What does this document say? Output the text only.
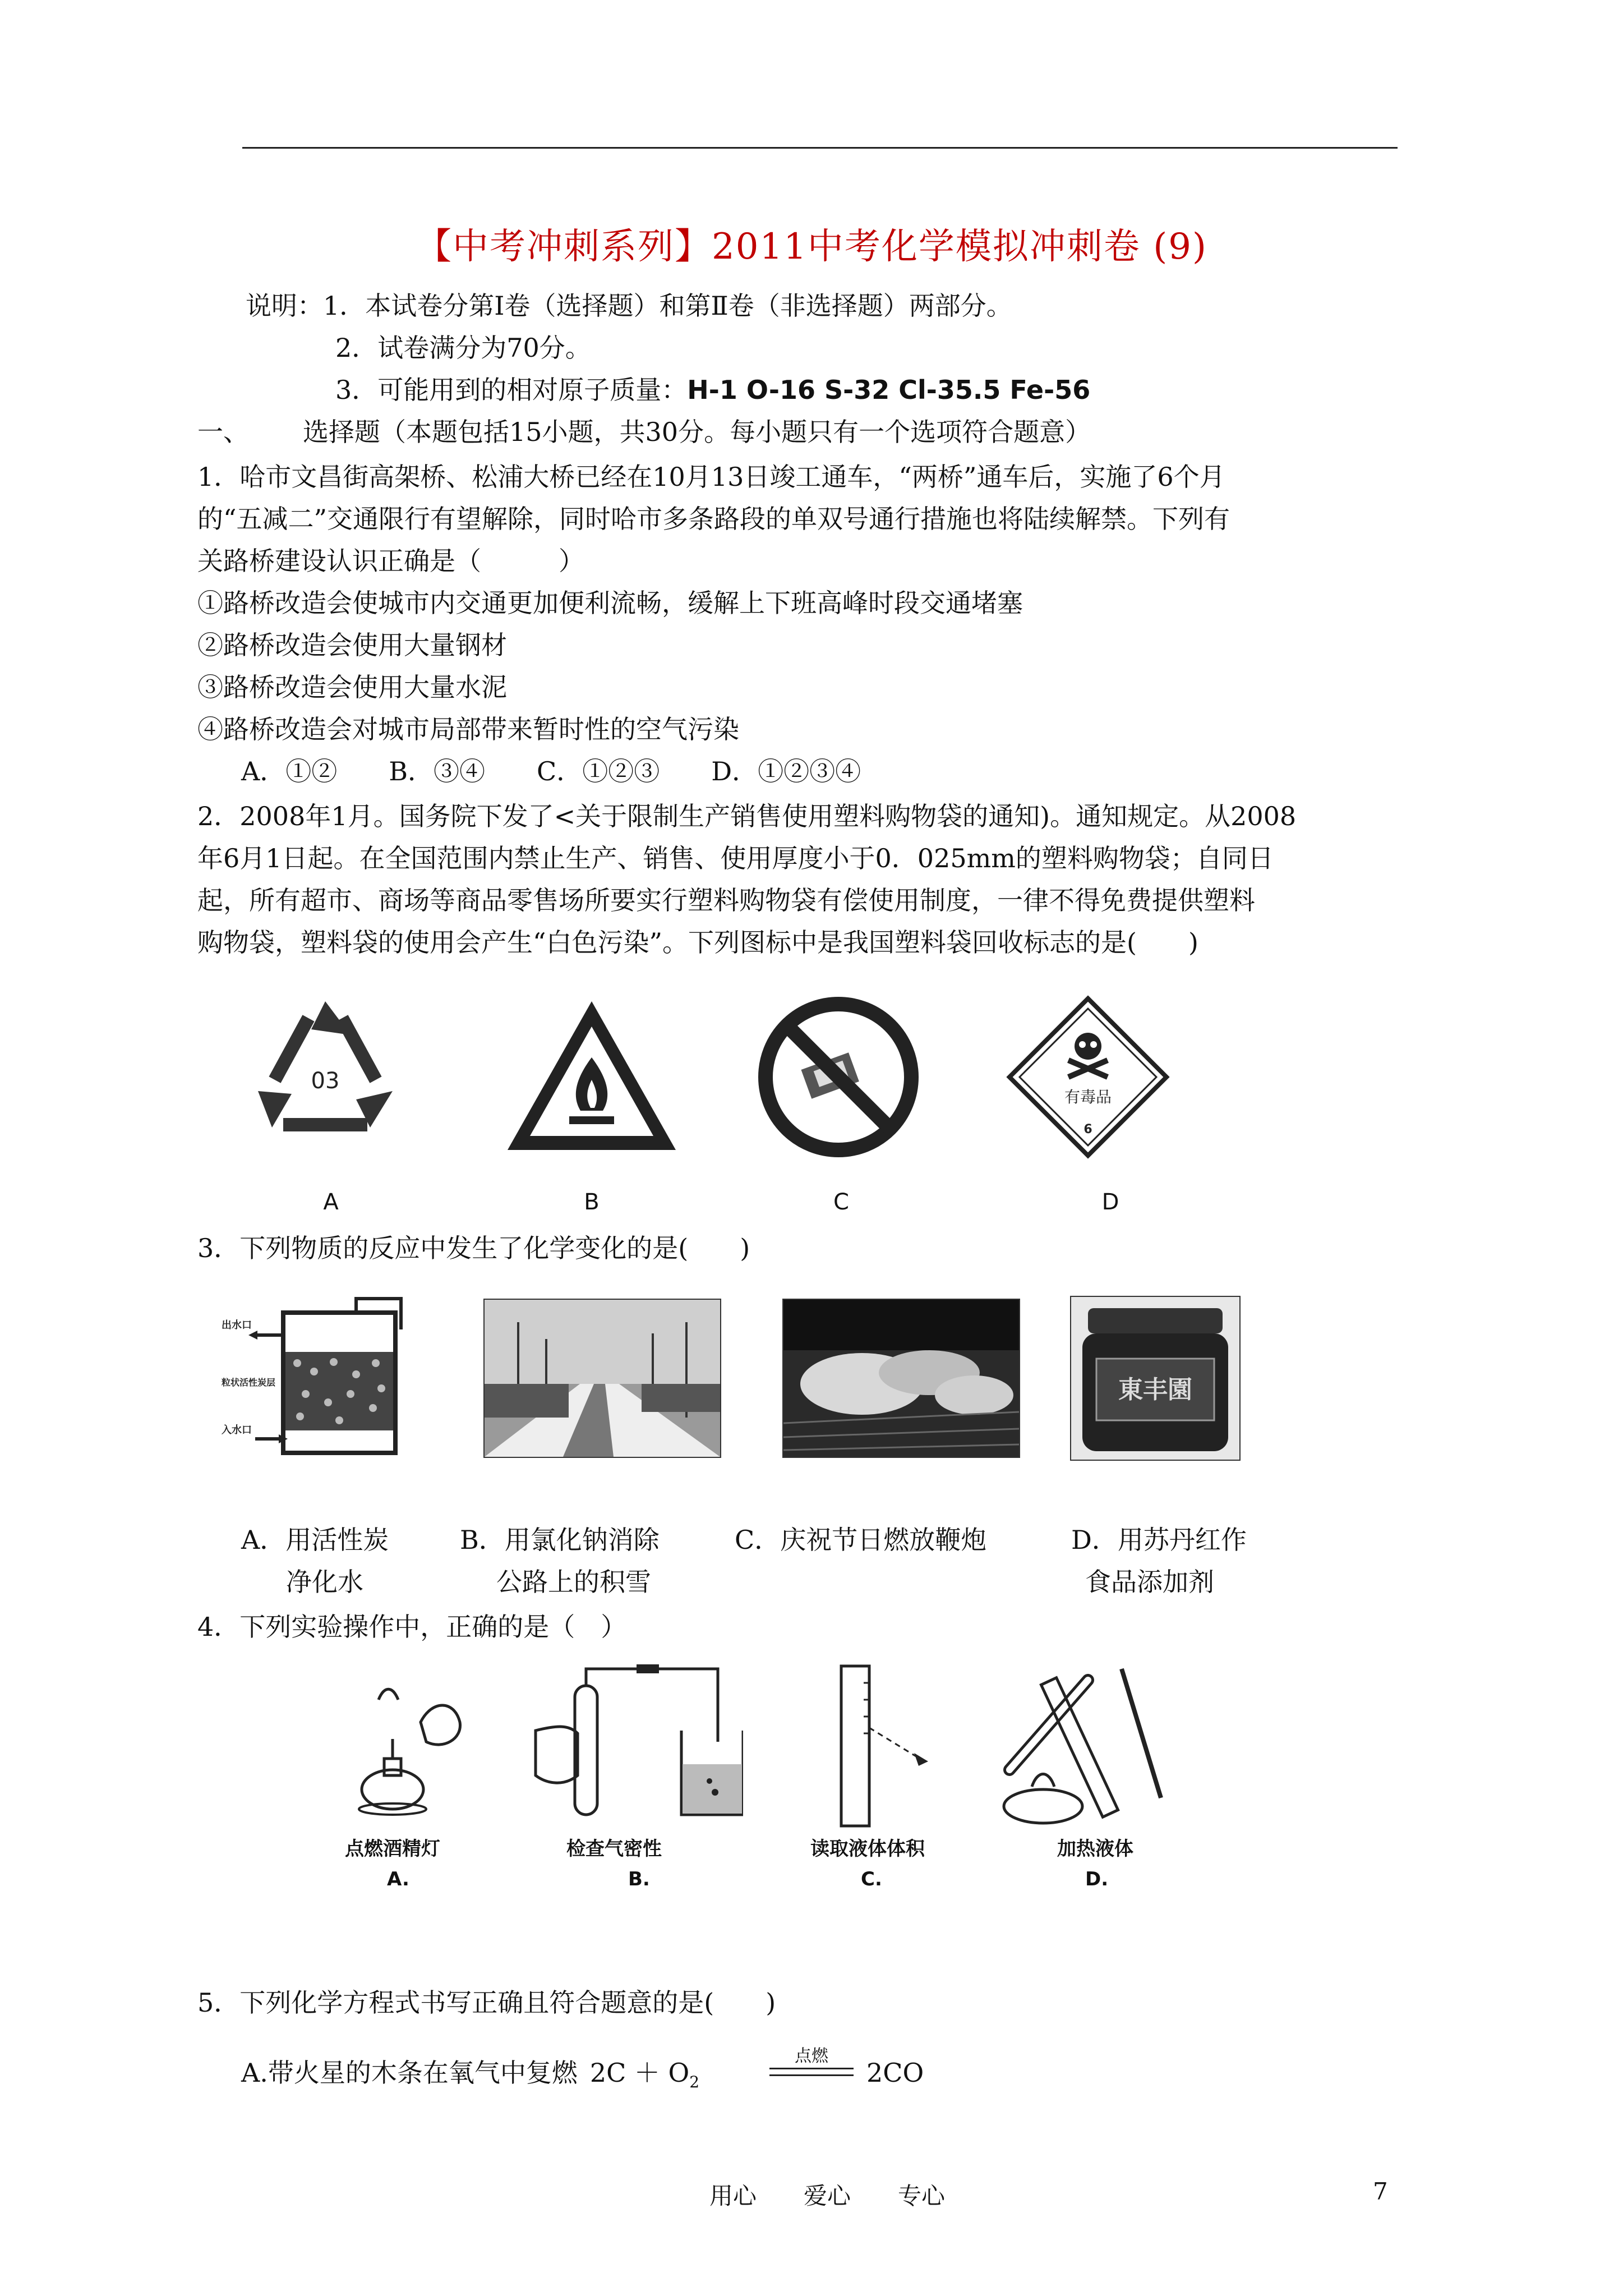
【中考冲刺系列】2011中考化学模拟冲刺卷 (9)
说明：1．本试卷分第Ⅰ卷（选择题）和第Ⅱ卷（非选择题）两部分。
2．试卷满分为70分。
3．可能用到的相对原子质量：H-1 O-16 S-32 Cl-35.5 Fe-56
一、 选择题（本题包括15小题，共30分。每小题只有一个选项符合题意）
1．哈市文昌街高架桥、松浦大桥已经在10月13日竣工通车，“两桥”通车后，实施了6个月
的“五减二”交通限行有望解除，同时哈市多条路段的单双号通行措施也将陆续解禁。下列有
关路桥建设认识正确是（　　　）
①路桥改造会使城市内交通更加便利流畅，缓解上下班高峰时段交通堵塞
②路桥改造会使用大量钢材
③路桥改造会使用大量水泥
④路桥改造会对城市局部带来暂时性的空气污染
A．①②　　B．③④　　C．①②③　　D．①②③④
2．2008年1月。国务院下发了<关于限制生产销售使用塑料购物袋的通知)。通知规定。从2008
年6月1日起。在全国范围内禁止生产、销售、使用厚度小于0．025mm的塑料购物袋；自同日
起，所有超市、商场等商品零售场所要实行塑料购物袋有偿使用制度，一律不得免费提供塑料
购物袋，塑料袋的使用会产生“白色污染”。下列图标中是我国塑料袋回收标志的是(　　)
03
有毒品
6
A	B	C	D
3．下列物质的反应中发生了化学变化的是(　　)
出水口
粒状活性炭层
入水口
東丰園
A．用活性炭
净化水
B．用氯化钠消除
公路上的积雪
C．庆祝节日燃放鞭炮	D．用苏丹红作
食品添加剂
4．下列实验操作中，正确的是（　）
点燃酒精灯	检查气密性	读取液体体积	加热液体
A.	B.	C.	D.
5．下列化学方程式书写正确且符合题意的是(　　)
A.带火星的木条在氧气中复燃 $2C + O_2$
点燃
2CO
用心　　爱心　　专心	7
